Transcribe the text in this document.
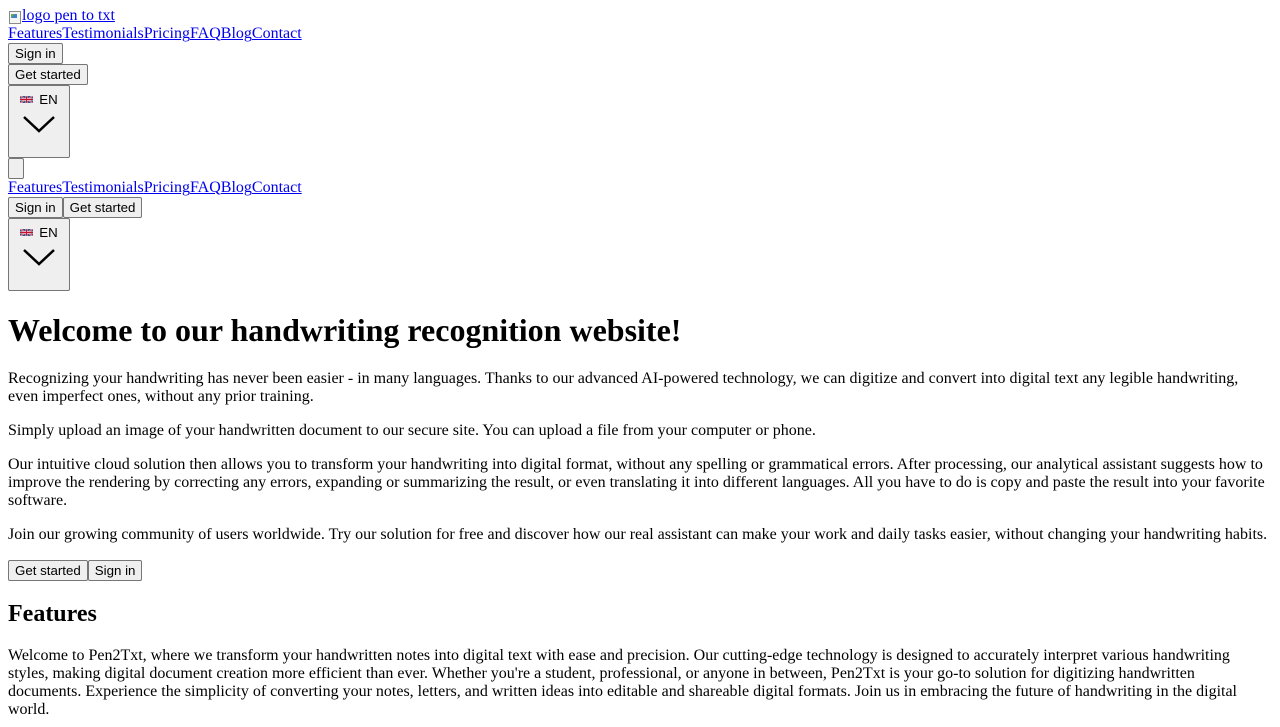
logo pen to txt
FeaturesTestimonialsPricingFAQBlogContact
Sign in
Get started
EN
FeaturesTestimonialsPricingFAQBlogContact
Sign in Get started
EN
Welcome to our handwriting recognition website!

Recognizing your handwriting has never been easier - in many languages. Thanks to our advanced AI-powered technology, we can digitize and convert into digital text any legible handwriting, even imperfect ones, without any prior training.

Simply upload an image of your handwritten document to our secure site. You can upload a file from your computer or phone.

Our intuitive cloud solution then allows you to transform your handwriting into digital format, without any spelling or grammatical errors. After processing, our analytical assistant suggests how to improve the rendering by correcting any errors, expanding or summarizing the result, or even translating it into different languages. All you have to do is copy and paste the result into your favorite software.

Join our growing community of users worldwide. Try our solution for free and discover how our real assistant can make your work and daily tasks easier, without changing your handwriting habits.

Get started Sign in
Features

Welcome to Pen2Txt, where we transform your handwritten notes into digital text with ease and precision. Our cutting-edge technology is designed to accurately interpret various handwriting styles, making digital document creation more efficient than ever. Whether you're a student, professional, or anyone in between, Pen2Txt is your go-to solution for digitizing handwritten documents. Experience the simplicity of converting your notes, letters, and written ideas into editable and shareable digital formats. Join us in embracing the future of handwriting in the digital world.
